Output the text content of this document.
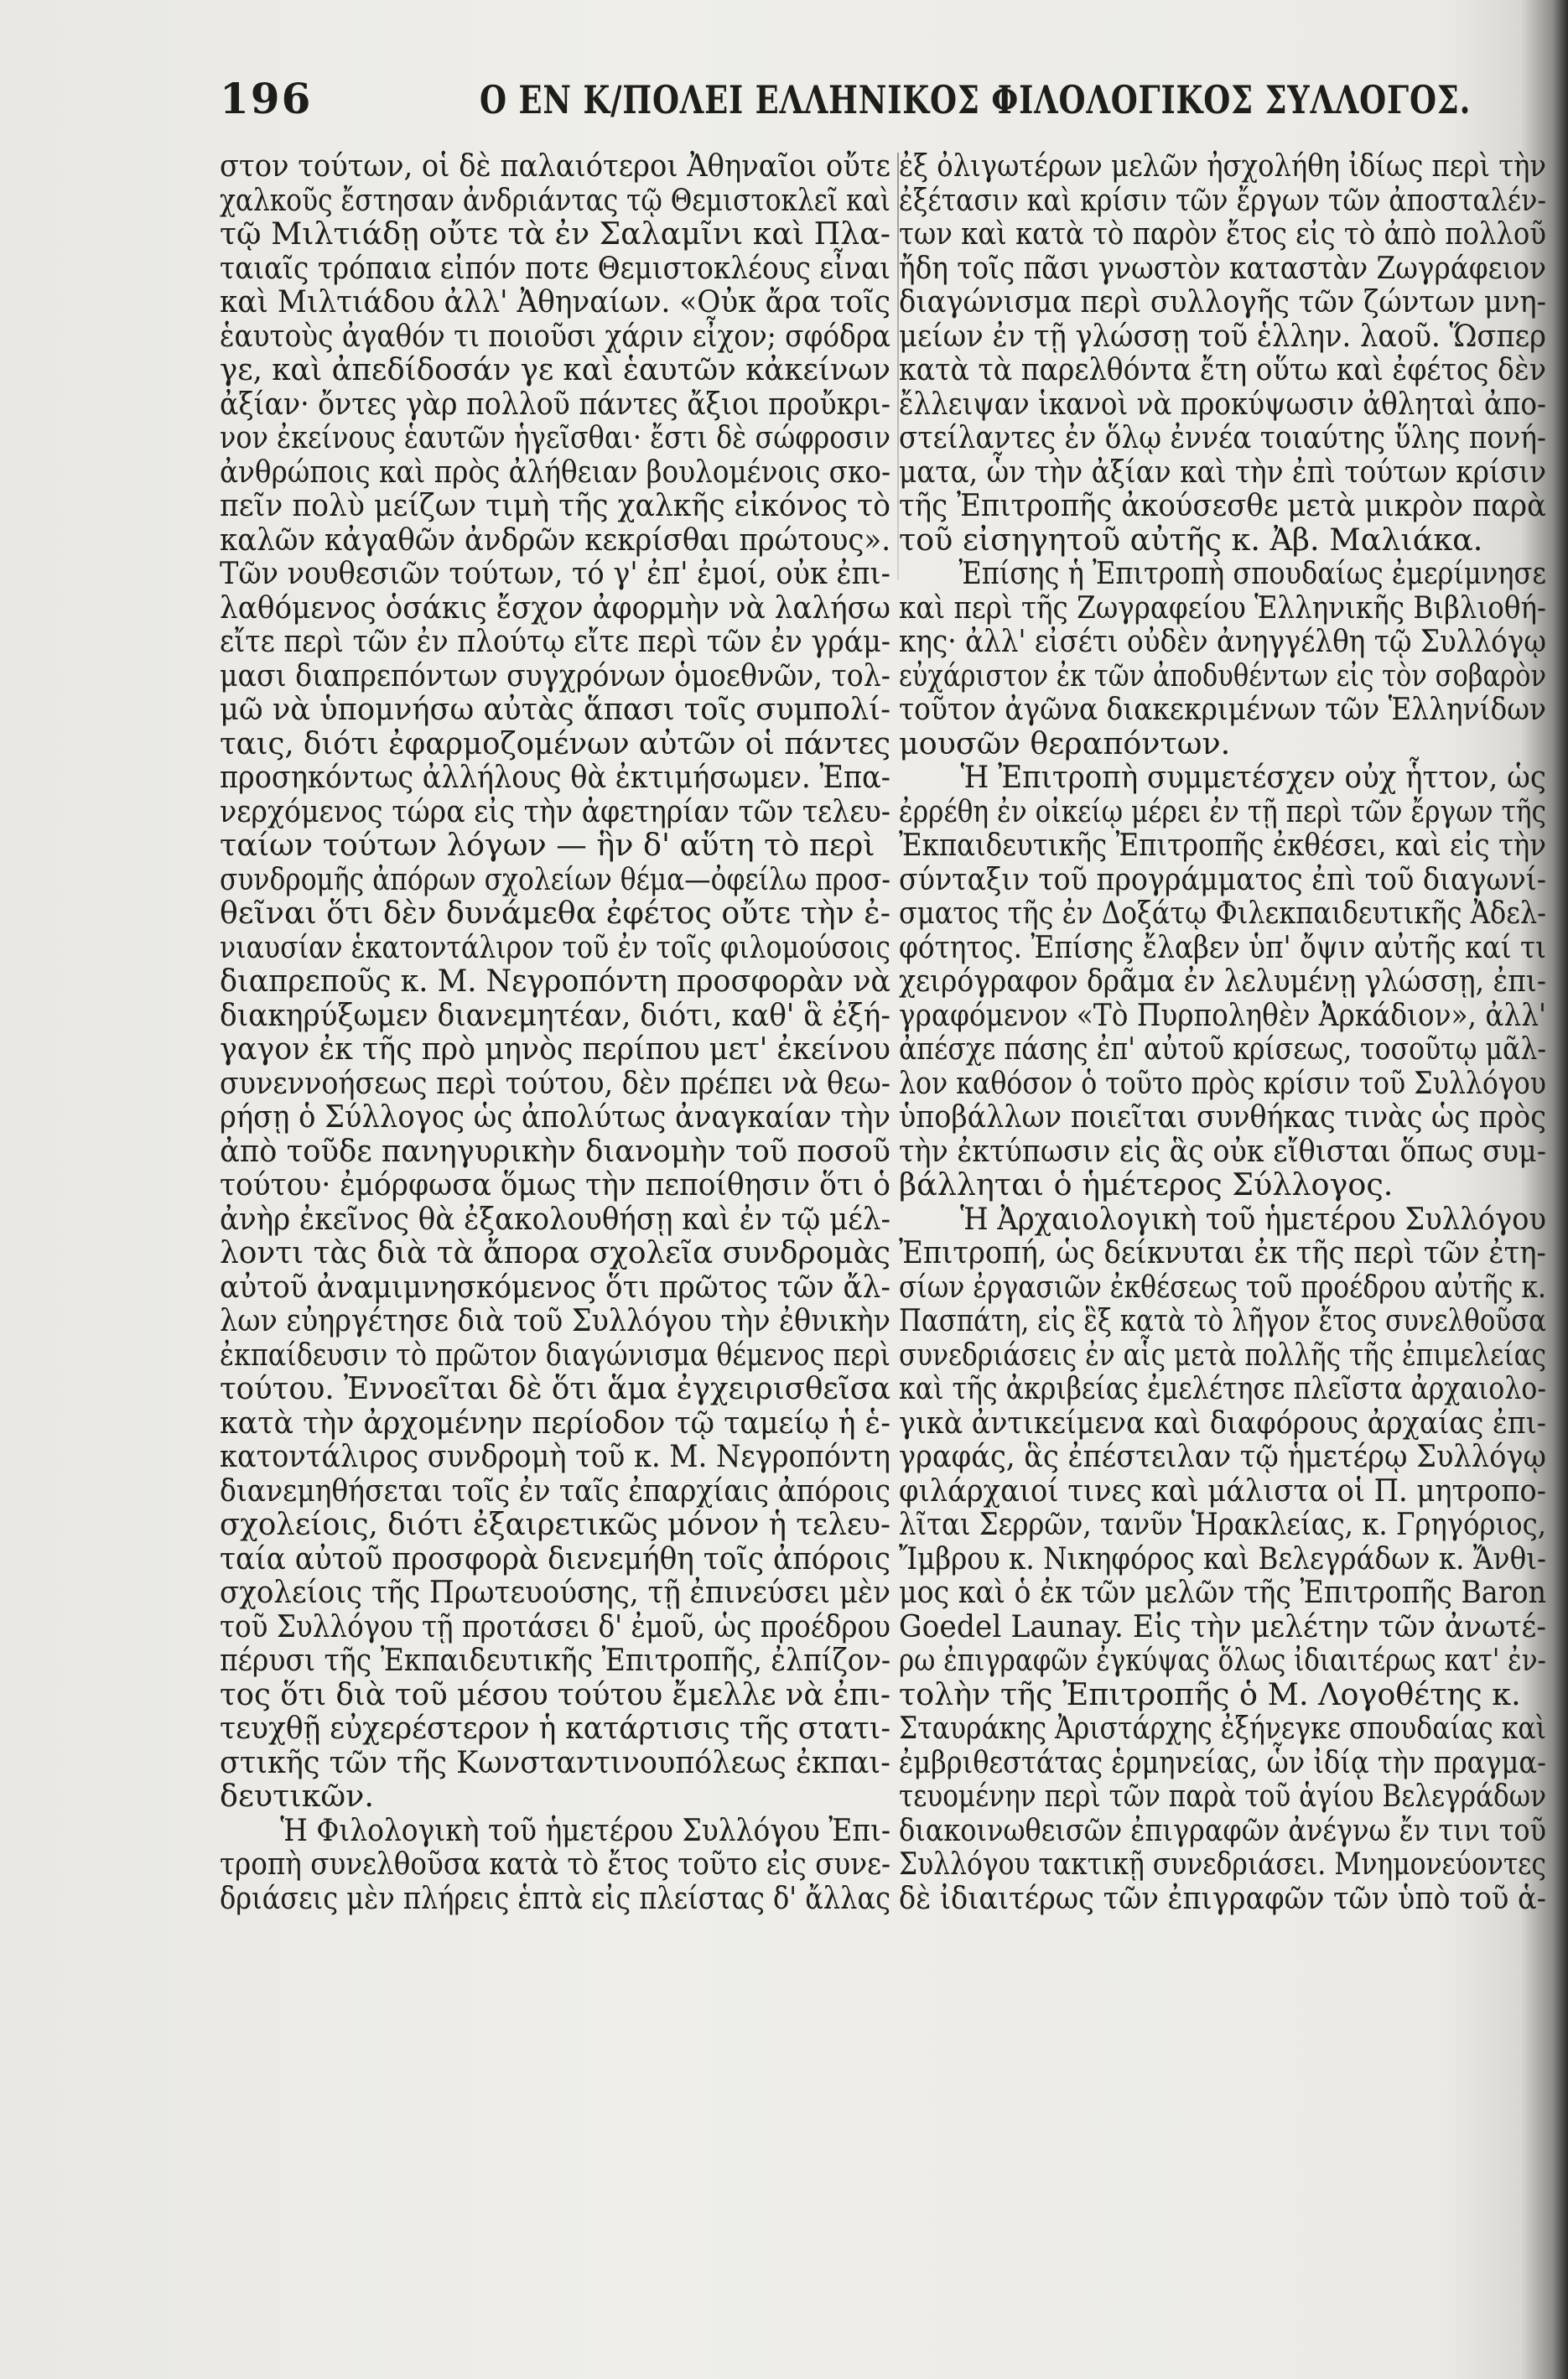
196	Ο ΕΝ Κ/ΠΟΛΕΙ ΕΛΛΗΝΙΚΟΣ ΦΙΛΟΛΟΓΙΚΟΣ ΣΥΛΛΟΓΟΣ.

στον τούτων, οἱ δὲ παλαιότεροι Ἀθηναῖοι οὔτε

χαλκοῦς ἔστησαν ἀνδριάντας τῷ Θεμιστοκλεῖ καὶ

τῷ Μιλτιάδῃ οὔτε τὰ ἐν Σαλαμῖνι καὶ Πλα-

ταιαῖς τρόπαια εἰπόν ποτε Θεμιστοκλέους εἶναι

καὶ Μιλτιάδου ἀλλ' Ἀθηναίων. «Οὐκ ἄρα τοῖς

ἑαυτοὺς ἀγαθόν τι ποιοῦσι χάριν εἶχον; σφόδρα

γε, καὶ ἀπεδίδοσάν γε καὶ ἑαυτῶν κἀκείνων

ἀξίαν· ὄντες γὰρ πολλοῦ πάντες ἄξιοι προὔκρι-

νον ἐκείνους ἑαυτῶν ἡγεῖσθαι· ἔστι δὲ σώφροσιν

ἀνθρώποις καὶ πρὸς ἀλήθειαν βουλομένοις σκο-

πεῖν πολὺ μείζων τιμὴ τῆς χαλκῆς εἰκόνος τὸ

καλῶν κἀγαθῶν ἀνδρῶν κεκρίσθαι πρώτους».

Τῶν νουθεσιῶν τούτων, τό γ' ἐπ' ἐμοί, οὐκ ἐπι-

λαθόμενος ὁσάκις ἔσχον ἀφορμὴν νὰ λαλήσω

εἴτε περὶ τῶν ἐν πλούτῳ εἴτε περὶ τῶν ἐν γράμ-

μασι διαπρεπόντων συγχρόνων ὁμοεθνῶν, τολ-

μῶ νὰ ὑπομνήσω αὐτὰς ἅπασι τοῖς συμπολί-

ταις, διότι ἐφαρμοζομένων αὐτῶν οἱ πάντες

προσηκόντως ἀλλήλους θὰ ἐκτιμήσωμεν. Ἐπα-

νερχόμενος τώρα εἰς τὴν ἀφετηρίαν τῶν τελευ-

ταίων τούτων λόγων — ἣν δ' αὕτη τὸ περὶ

συνδρομῆς ἀπόρων σχολείων θέμα—ὀφείλω προσ-

θεῖναι ὅτι δὲν δυνάμεθα ἐφέτος οὔτε τὴν ἐ-

νιαυσίαν ἑκατοντάλιρον τοῦ ἐν τοῖς φιλομούσοις

διαπρεποῦς κ. Μ. Νεγροπόντη προσφορὰν νὰ

διακηρύξωμεν διανεμητέαν, διότι, καθ' ἃ ἐξή-

γαγον ἐκ τῆς πρὸ μηνὸς περίπου μετ' ἐκείνου

συνεννοήσεως περὶ τούτου, δὲν πρέπει νὰ θεω-

ρήσῃ ὁ Σύλλογος ὡς ἀπολύτως ἀναγκαίαν τὴν

ἀπὸ τοῦδε πανηγυρικὴν διανομὴν τοῦ ποσοῦ

τούτου· ἐμόρφωσα ὅμως τὴν πεποίθησιν ὅτι ὁ

ἀνὴρ ἐκεῖνος θὰ ἐξακολουθήσῃ καὶ ἐν τῷ μέλ-

λοντι τὰς διὰ τὰ ἄπορα σχολεῖα συνδρομὰς

αὐτοῦ ἀναμιμνησκόμενος ὅτι πρῶτος τῶν ἄλ-

λων εὐηργέτησε διὰ τοῦ Συλλόγου τὴν ἐθνικὴν

ἐκπαίδευσιν τὸ πρῶτον διαγώνισμα θέμενος περὶ

τούτου. Ἐννοεῖται δὲ ὅτι ἅμα ἐγχειρισθεῖσα

κατὰ τὴν ἀρχομένην περίοδον τῷ ταμείῳ ἡ ἑ-

κατοντάλιρος συνδρομὴ τοῦ κ. Μ. Νεγροπόντη

διανεμηθήσεται τοῖς ἐν ταῖς ἐπαρχίαις ἀπόροις

σχολείοις, διότι ἐξαιρετικῶς μόνον ἡ τελευ-

ταία αὐτοῦ προσφορὰ διενεμήθη τοῖς ἀπόροις

σχολείοις τῆς Πρωτευούσης, τῇ ἐπινεύσει μὲν

τοῦ Συλλόγου τῇ προτάσει δ' ἐμοῦ, ὡς προέδρου

πέρυσι τῆς Ἐκπαιδευτικῆς Ἐπιτροπῆς, ἐλπίζον-

τος ὅτι διὰ τοῦ μέσου τούτου ἔμελλε νὰ ἐπι-

τευχθῇ εὐχερέστερον ἡ κατάρτισις τῆς στατι-

στικῆς τῶν τῆς Κωνσταντινουπόλεως ἐκπαι-

δευτικῶν.

Ἡ Φιλολογικὴ τοῦ ἡμετέρου Συλλόγου Ἐπι-

τροπὴ συνελθοῦσα κατὰ τὸ ἔτος τοῦτο εἰς συνε-

δριάσεις μὲν πλήρεις ἑπτὰ εἰς πλείστας δ' ἄλλας

ἐξ ὀλιγωτέρων μελῶν ἠσχολήθη ἰδίως περὶ τὴν

ἐξέτασιν καὶ κρίσιν τῶν ἔργων τῶν ἀποσταλέν-

των καὶ κατὰ τὸ παρὸν ἔτος εἰς τὸ ἀπὸ πολλοῦ

ἤδη τοῖς πᾶσι γνωστὸν καταστὰν Ζωγράφειον

διαγώνισμα περὶ συλλογῆς τῶν ζώντων μνη-

μείων ἐν τῇ γλώσσῃ τοῦ ἑλλην. λαοῦ. Ὥσπερ

κατὰ τὰ παρελθόντα ἔτη οὕτω καὶ ἐφέτος δὲν

ἔλλειψαν ἱκανοὶ νὰ προκύψωσιν ἀθληταὶ ἀπο-

στείλαντες ἐν ὅλῳ ἐννέα τοιαύτης ὕλης πονή-

ματα, ὧν τὴν ἀξίαν καὶ τὴν ἐπὶ τούτων κρίσιν

τῆς Ἐπιτροπῆς ἀκούσεσθε μετὰ μικρὸν παρὰ

τοῦ εἰσηγητοῦ αὐτῆς κ. Ἀβ. Μαλιάκα.

Ἐπίσης ἡ Ἐπιτροπὴ σπουδαίως ἐμερίμνησε

καὶ περὶ τῆς Ζωγραφείου Ἑλληνικῆς Βιβλιοθή-

κης· ἀλλ' εἰσέτι οὐδὲν ἀνηγγέλθη τῷ Συλλόγῳ

εὐχάριστον ἐκ τῶν ἀποδυθέντων εἰς τὸν σοβαρὸν

τοῦτον ἀγῶνα διακεκριμένων τῶν Ἑλληνίδων

μουσῶν θεραπόντων.

Ἡ Ἐπιτροπὴ συμμετέσχεν οὐχ ἧττον, ὡς

ἐρρέθη ἐν οἰκείῳ μέρει ἐν τῇ περὶ τῶν ἔργων τῆς

Ἐκπαιδευτικῆς Ἐπιτροπῆς ἐκθέσει, καὶ εἰς τὴν

σύνταξιν τοῦ προγράμματος ἐπὶ τοῦ διαγωνί-

σματος τῆς ἐν Δοξάτῳ Φιλεκπαιδευτικῆς Ἀδελ-

φότητος. Ἐπίσης ἔλαβεν ὑπ' ὄψιν αὐτῆς καί τι

χειρόγραφον δρᾶμα ἐν λελυμένῃ γλώσσῃ, ἐπι-

γραφόμενον «Τὸ Πυρποληθὲν Ἀρκάδιον», ἀλλ'

ἀπέσχε πάσης ἐπ' αὐτοῦ κρίσεως, τοσοῦτῳ μᾶλ-

λον καθόσον ὁ τοῦτο πρὸς κρίσιν τοῦ Συλλόγου

ὑποβάλλων ποιεῖται συνθήκας τινὰς ὡς πρὸς

τὴν ἐκτύπωσιν εἰς ἃς οὐκ εἴθισται ὅπως συμ-

βάλληται ὁ ἡμέτερος Σύλλογος.

Ἡ Ἀρχαιολογικὴ τοῦ ἡμετέρου Συλλόγου

Ἐπιτροπή, ὡς δείκνυται ἐκ τῆς περὶ τῶν ἐτη-

σίων ἐργασιῶν ἐκθέσεως τοῦ προέδρου αὐτῆς κ.

Πασπάτη, εἰς ἓξ κατὰ τὸ λῆγον ἔτος συνελθοῦσα

συνεδριάσεις ἐν αἷς μετὰ πολλῆς τῆς ἐπιμελείας

καὶ τῆς ἀκριβείας ἐμελέτησε πλεῖστα ἀρχαιολο-

γικὰ ἀντικείμενα καὶ διαφόρους ἀρχαίας ἐπι-

γραφάς, ἃς ἐπέστειλαν τῷ ἡμετέρῳ Συλλόγῳ

φιλάρχαιοί τινες καὶ μάλιστα οἱ Π. μητροπο-

λῖται Σερρῶν, τανῦν Ἡρακλείας, κ. Γρηγόριος,

Ἴμβρου κ. Νικηφόρος καὶ Βελεγράδων κ. Ἄνθι-

μος καὶ ὁ ἐκ τῶν μελῶν τῆς Ἐπιτροπῆς Baron

Goedel Launay. Εἰς τὴν μελέτην τῶν ἀνωτέ-

ρω ἐπιγραφῶν ἐγκύψας ὅλως ἰδιαιτέρως κατ' ἐν-

τολὴν τῆς Ἐπιτροπῆς ὁ Μ. Λογοθέτης κ.

Σταυράκης Ἀριστάρχης ἐξήνεγκε σπουδαίας καὶ

ἐμβριθεστάτας ἑρμηνείας, ὧν ἰδίᾳ τὴν πραγμα-

τευομένην περὶ τῶν παρὰ τοῦ ἁγίου Βελεγράδων

διακοινωθεισῶν ἐπιγραφῶν ἀνέγνω ἔν τινι τοῦ

Συλλόγου τακτικῇ συνεδριάσει. Μνημονεύοντες

δὲ ἰδιαιτέρως τῶν ἐπιγραφῶν τῶν ὑπὸ τοῦ ἁ-
